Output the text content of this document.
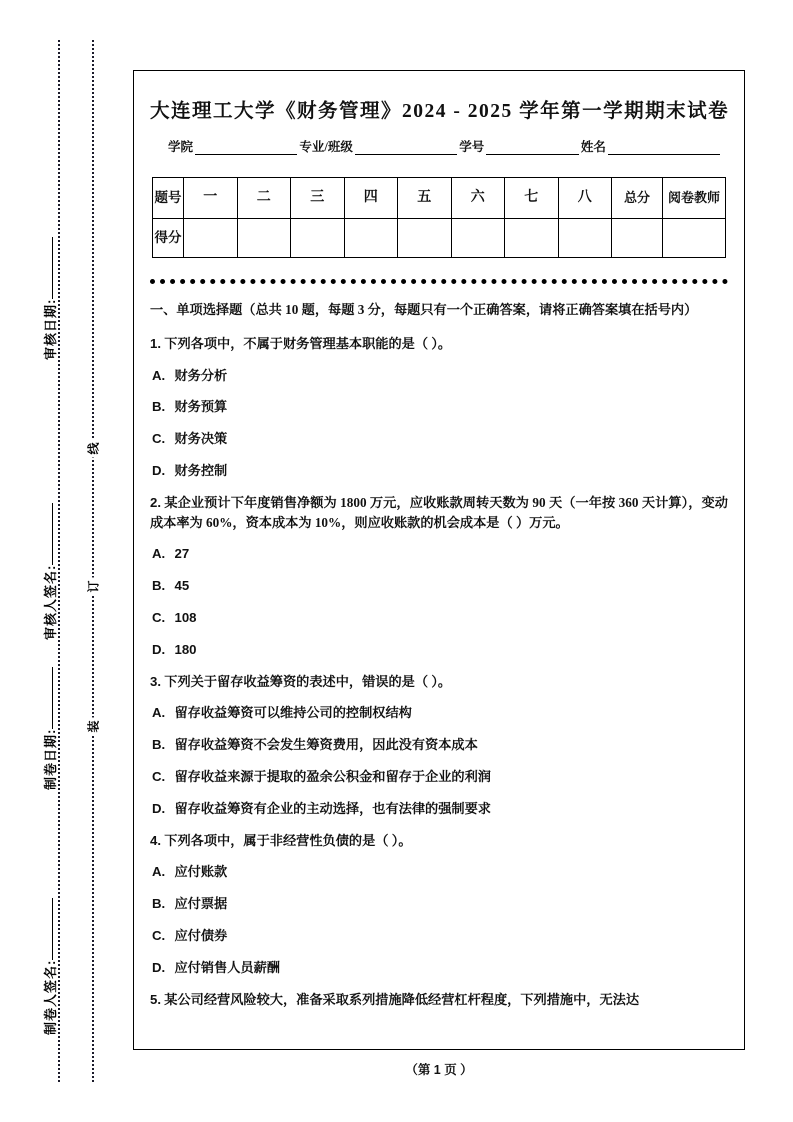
审核日期:
审核人签名:
制卷日期:
制卷人签名:
线
订
装
大连理工大学《财务管理》2024 - 2025 学年第一学期期末试卷
学院	专业/班级	学号	姓名
题号	一	二	三	四	五	六	七	八	总分	阅卷教师
得分										
一、单项选择题（总共 10 题，每题 3 分，每题只有一个正确答案，请将正确答案填在括号内）
1. 下列各项中，不属于财务管理基本职能的是（ ）。
A. 财务分析
B. 财务预算
C. 财务决策
D. 财务控制
2. 某企业预计下年度销售净额为 1800 万元，应收账款周转天数为 90 天（一年按 360 天计算），变动成本率为 60%，资本成本为 10%，则应收账款的机会成本是（ ）万元。
A. 27
B. 45
C. 108
D. 180
3. 下列关于留存收益筹资的表述中，错误的是（ ）。
A. 留存收益筹资可以维持公司的控制权结构
B. 留存收益筹资不会发生筹资费用，因此没有资本成本
C. 留存收益来源于提取的盈余公积金和留存于企业的利润
D. 留存收益筹资有企业的主动选择，也有法律的强制要求
4. 下列各项中，属于非经营性负债的是（ ）。
A. 应付账款
B. 应付票据
C. 应付债券
D. 应付销售人员薪酬
5. 某公司经营风险较大，准备采取系列措施降低经营杠杆程度，下列措施中，无法达
（第 1 页 ）
